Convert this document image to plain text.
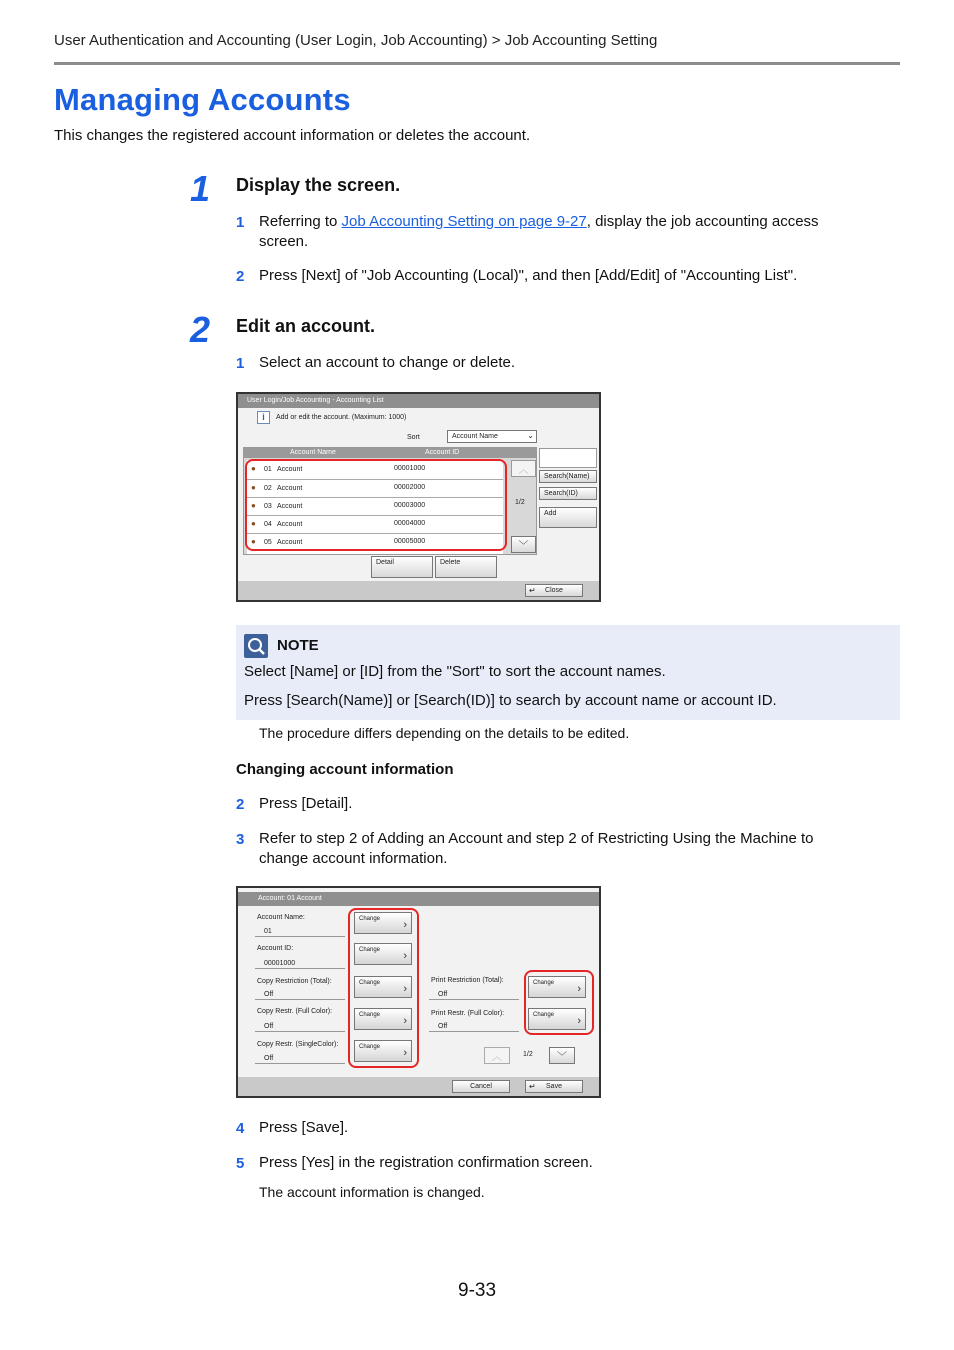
User Authentication and Accounting (User Login, Job Accounting) > Job Accounting Setting
Managing Accounts
This changes the registered account information or deletes the account.
1 Display the screen.
1 Referring to Job Accounting Setting on page 9-27, display the job accounting access
screen.
2 Press [Next] of "Job Accounting (Local)", and then [Add/Edit] of "Accounting List".
2 Edit an account.
1 Select an account to change or delete.
User Login/Job Accounting - Accounting List
i	Add or edit the account. (Maximum: 1000)
Sort	Account Name	⌄
Account Name	Account ID
● 01 Account	00001000
● 02 Account	00002000
● 03 Account	00003000
● 04 Account	00004000
● 05 Account	00005000
︿
1/2
﹀
Search(Name)
Search(ID)
Add
Detail	Delete
↵ Close
NOTE
Select [Name] or [ID] from the "Sort" to sort the account names.
Press [Search(Name)] or [Search(ID)] to search by account name or account ID.
The procedure differs depending on the details to be edited.
Changing account information
2 Press [Detail].
3 Refer to step 2 of Adding an Account and step 2 of Restricting Using the Machine to
change account information.
Account: 01 Account
Account Name:
01
Change ›
Account ID:
00001000
Change ›
Copy Restriction (Total):
Off
Change ›
Copy Restr. (Full Color):
Off
Change ›
Copy Restr. (SingleColor):
Off
Change ›
Print Restriction (Total):
Off
Change ›
Print Restr. (Full Color):
Off
Change ›
︿	1/2	﹀
Cancel	↵ Save
4 Press [Save].
5 Press [Yes] in the registration confirmation screen.
The account information is changed.
9-33
